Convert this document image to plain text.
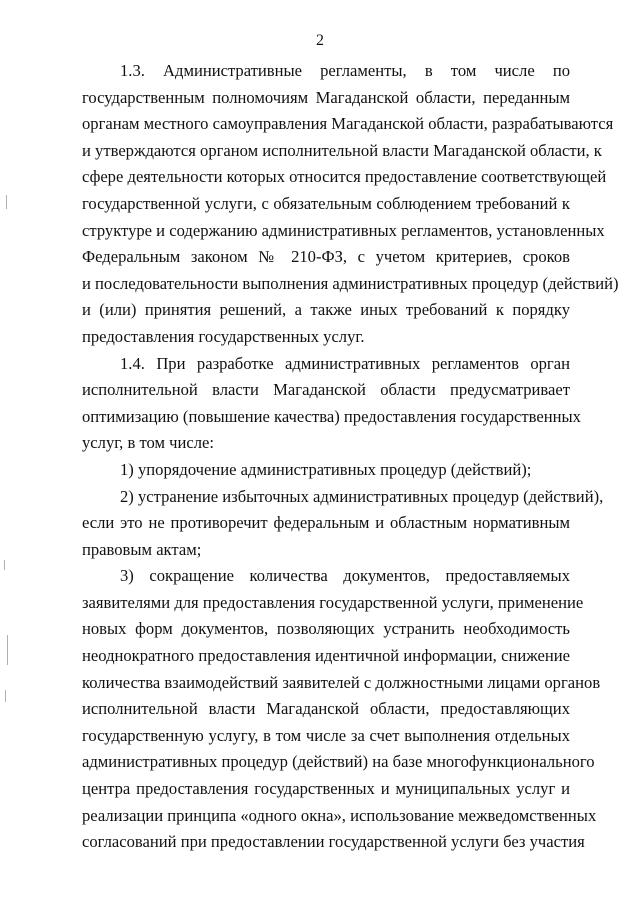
2
1.3. Административные регламенты, в том числе по
государственным полномочиям Магаданской области, переданным
органам местного самоуправления Магаданской области, разрабатываются
и утверждаются органом исполнительной власти Магаданской области, к
сфере деятельности которых относится предоставление соответствующей
государственной услуги, с обязательным соблюдением требований к
структуре и содержанию административных регламентов, установленных
Федеральным законом № 210-ФЗ, с учетом критериев, сроков
и последовательности выполнения административных процедур (действий)
и (или) принятия решений, а также иных требований к порядку
предоставления государственных услуг.
1.4. При разработке административных регламентов орган
исполнительной власти Магаданской области предусматривает
оптимизацию (повышение качества) предоставления государственных
услуг, в том числе:
1) упорядочение административных процедур (действий);
2) устранение избыточных административных процедур (действий),
если это не противоречит федеральным и областным нормативным
правовым актам;
3) сокращение количества документов, предоставляемых
заявителями для предоставления государственной услуги, применение
новых форм документов, позволяющих устранить необходимость
неоднократного предоставления идентичной информации, снижение
количества взаимодействий заявителей с должностными лицами органов
исполнительной власти Магаданской области, предоставляющих
государственную услугу, в том числе за счет выполнения отдельных
административных процедур (действий) на базе многофункционального
центра предоставления государственных и муниципальных услуг и
реализации принципа «одного окна», использование межведомственных
согласований при предоставлении государственной услуги без участия
